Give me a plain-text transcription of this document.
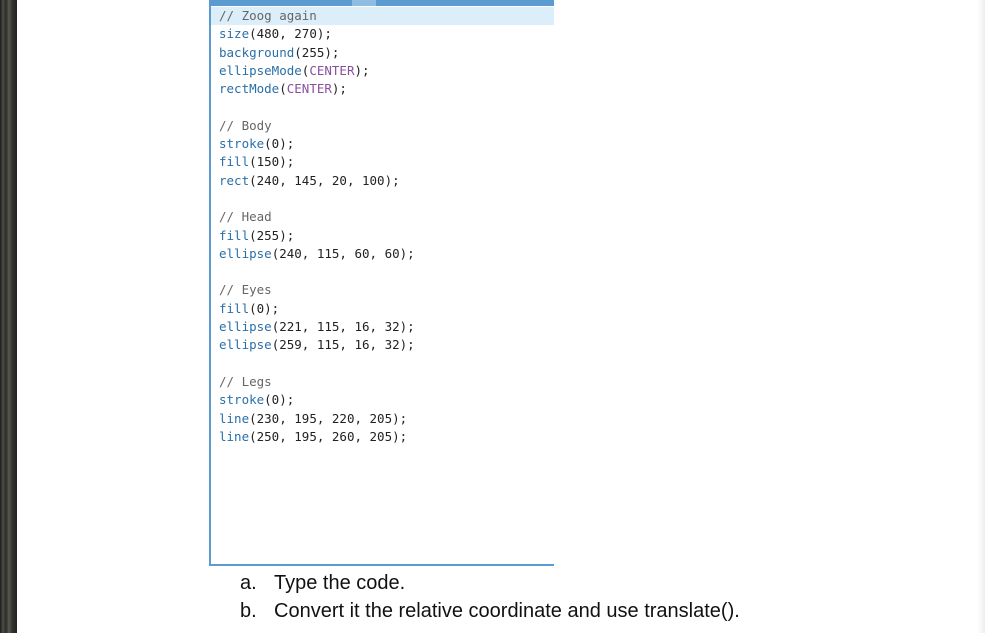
// Zoog again
size(480, 270);
background(255);
ellipseMode(CENTER);
rectMode(CENTER);
// Body
stroke(0);
fill(150);
rect(240, 145, 20, 100);
// Head
fill(255);
ellipse(240, 115, 60, 60);
// Eyes
fill(0);
ellipse(221, 115, 16, 32);
ellipse(259, 115, 16, 32);
// Legs
stroke(0);
line(230, 195, 220, 205);
line(250, 195, 260, 205);
a. Type the code.
b. Convert it the relative coordinate and use translate().
